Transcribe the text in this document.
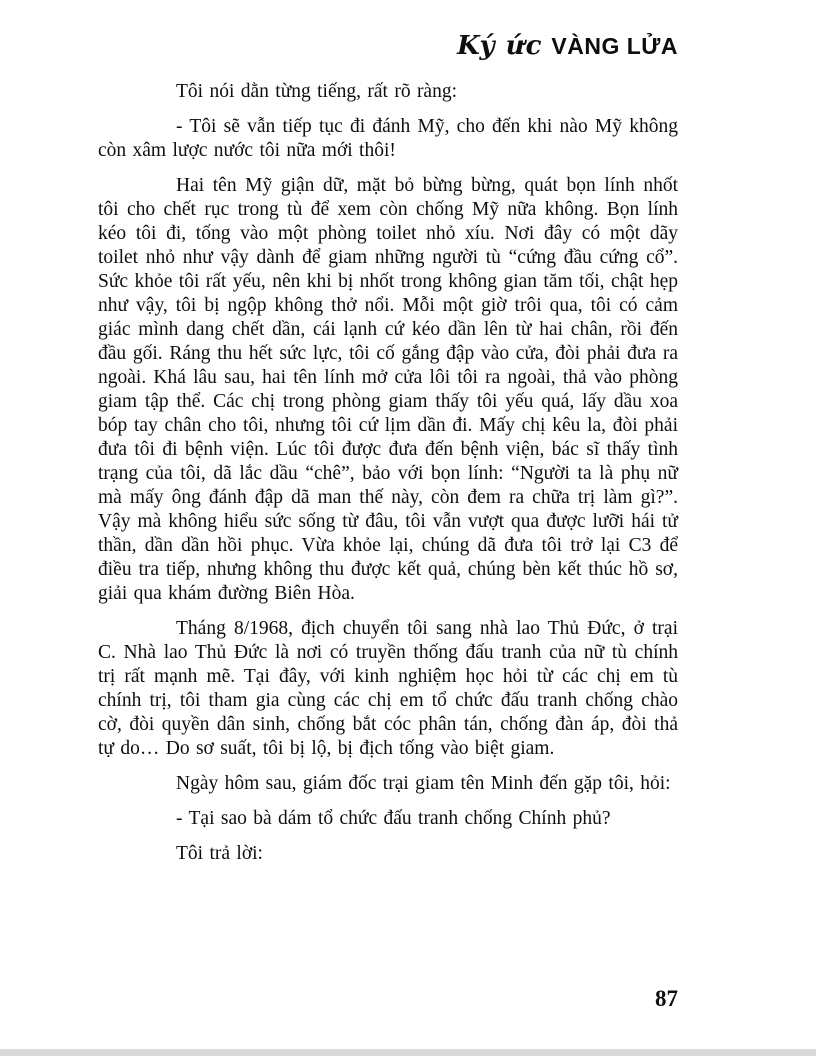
Ký ức VÀNG LỬA

Tôi nói dằn từng tiếng, rất rõ ràng:

- Tôi sẽ vẫn tiếp tục đi đánh Mỹ, cho đến khi nào Mỹ không còn xâm lược nước tôi nữa mới thôi!

Hai tên Mỹ giận dữ, mặt bỏ bừng bừng, quát bọn lính nhốt tôi cho chết rục trong tù để xem còn chống Mỹ nữa không. Bọn lính kéo tôi đi, tống vào một phòng toilet nhỏ xíu. Nơi đây có một dãy toilet nhỏ như vậy dành để giam những người tù “cứng đầu cứng cổ”. Sức khỏe tôi rất yếu, nên khi bị nhốt trong không gian tăm tối, chật hẹp như vậy, tôi bị ngộp không thở nổi. Mỗi một giờ trôi qua, tôi có cảm giác mình dang chết dần, cái lạnh cứ kéo dần lên từ hai chân, rồi đến đầu gối. Ráng thu hết sức lực, tôi cố gắng đập vào cửa, đòi phải đưa ra ngoài. Khá lâu sau, hai tên lính mở cửa lôi tôi ra ngoài, thả vào phòng giam tập thể. Các chị trong phòng giam thấy tôi yếu quá, lấy dầu xoa bóp tay chân cho tôi, nhưng tôi cứ lịm dần đi. Mấy chị kêu la, đòi phải đưa tôi đi bệnh viện. Lúc tôi được đưa đến bệnh viện, bác sĩ thấy tình trạng của tôi, dã lắc dầu “chê”, bảo với bọn lính: “Người ta là phụ nữ mà mấy ông đánh đập dã man thế này, còn đem ra chữa trị làm gì?”. Vậy mà không hiểu sức sống từ đâu, tôi vẫn vượt qua được lưỡi hái tử thần, dần dần hồi phục. Vừa khỏe lại, chúng dã đưa tôi trở lại C3 để điều tra tiếp, nhưng không thu được kết quả, chúng bèn kết thúc hồ sơ, giải qua khám đường Biên Hòa.

Tháng 8/1968, địch chuyển tôi sang nhà lao Thủ Đức, ở trại C. Nhà lao Thủ Đức là nơi có truyền thống đấu tranh của nữ tù chính trị rất mạnh mẽ. Tại đây, với kinh nghiệm học hỏi từ các chị em tù chính trị, tôi tham gia cùng các chị em tổ chức đấu tranh chống chào cờ, đòi quyền dân sinh, chống bắt cóc phân tán, chống đàn áp, đòi thả tự do… Do sơ suất, tôi bị lộ, bị địch tống vào biệt giam.

Ngày hôm sau, giám đốc trại giam tên Minh đến gặp tôi, hỏi:

- Tại sao bà dám tổ chức đấu tranh chống Chính phủ?

Tôi trả lời:

87
